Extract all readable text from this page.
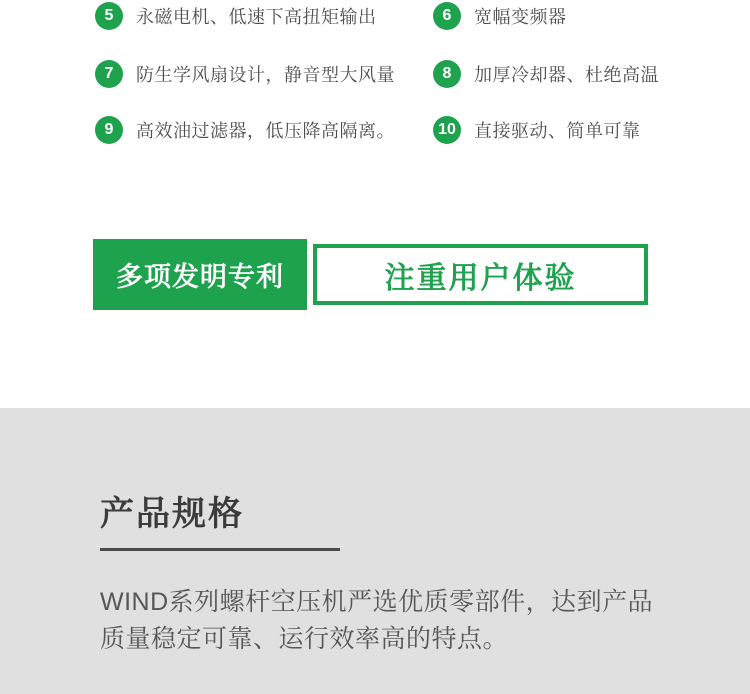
5	永磁电机、低速下高扭矩输出
7	防生学风扇设计，静音型大风量
9	高效油过滤器，低压降高隔离。
6	宽幅变频器
8	加厚冷却器、杜绝高温
10 直接驱动、简单可靠
多项发明专利	注重用户体验
产品规格
WIND系列螺杆空压机严选优质零部件，达到产品
质量稳定可靠、运行效率高的特点。
